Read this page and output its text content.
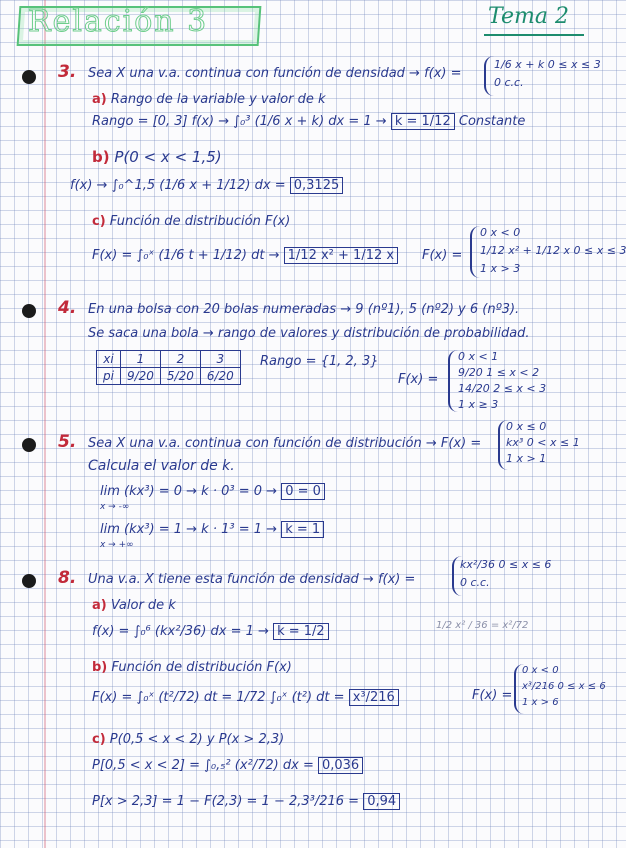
Relación 3	Tema 2
3. Sea X una v.a. continua con función de densidad → f(x) =
1/6 x + k 0 ≤ x ≤ 3
0 c.c.
a) Rango de la variable y valor de k
Rango = [0, 3] f(x) → ∫₀³ (1/6 x + k) dx = 1 → k = 1/12 Constante
b) P(0 < x < 1,5)
f(x) → ∫₀^1,5 (1/6 x + 1/12) dx = 0,3125
c) Función de distribución F(x)
F(x) = ∫₀ˣ (1/6 t + 1/12) dt → 1/12 x² + 1/12 x	F(x) =
0 x < 0
1/12 x² + 1/12 x 0 ≤ x ≤ 3
1 x > 3
4. En una bolsa con 20 bolas numeradas → 9 (nº1), 5 (nº2) y 6 (nº3).
Se saca una bola → rango de valores y distribución de probabilidad.
xi	1	2	3
pi	9/20	5/20	6/20
Rango = {1, 2, 3}
F(x) =
0 x < 1
9/20 1 ≤ x < 2
14/20 2 ≤ x < 3
1 x ≥ 3
5. Sea X una v.a. continua con función de distribución → F(x) =
0 x ≤ 0
kx³ 0 < x ≤ 1
1 x > 1
Calcula el valor de k.
lim (kx³) = 0 → k · 0³ = 0 → 0 = 0
x → -∞
lim (kx³) = 1 → k · 1³ = 1 → k = 1
x → +∞
8. Una v.a. X tiene esta función de densidad → f(x) =
kx²/36 0 ≤ x ≤ 6
0 c.c.
a) Valor de k
f(x) = ∫₀⁶ (kx²/36) dx = 1 → k = 1/2	1/2 x² / 36 = x²/72
b) Función de distribución F(x)
F(x) = ∫₀ˣ (t²/72) dt = 1/72 ∫₀ˣ (t²) dt = x³/216	F(x) =
0 x < 0
x³/216 0 ≤ x ≤ 6
1 x > 6
c) P(0,5 < x < 2) y P(x > 2,3)
P[0,5 < x < 2] = ∫₀,₅² (x²/72) dx = 0,036
P[x > 2,3] = 1 − F(2,3) = 1 − 2,3³/216 = 0,94
